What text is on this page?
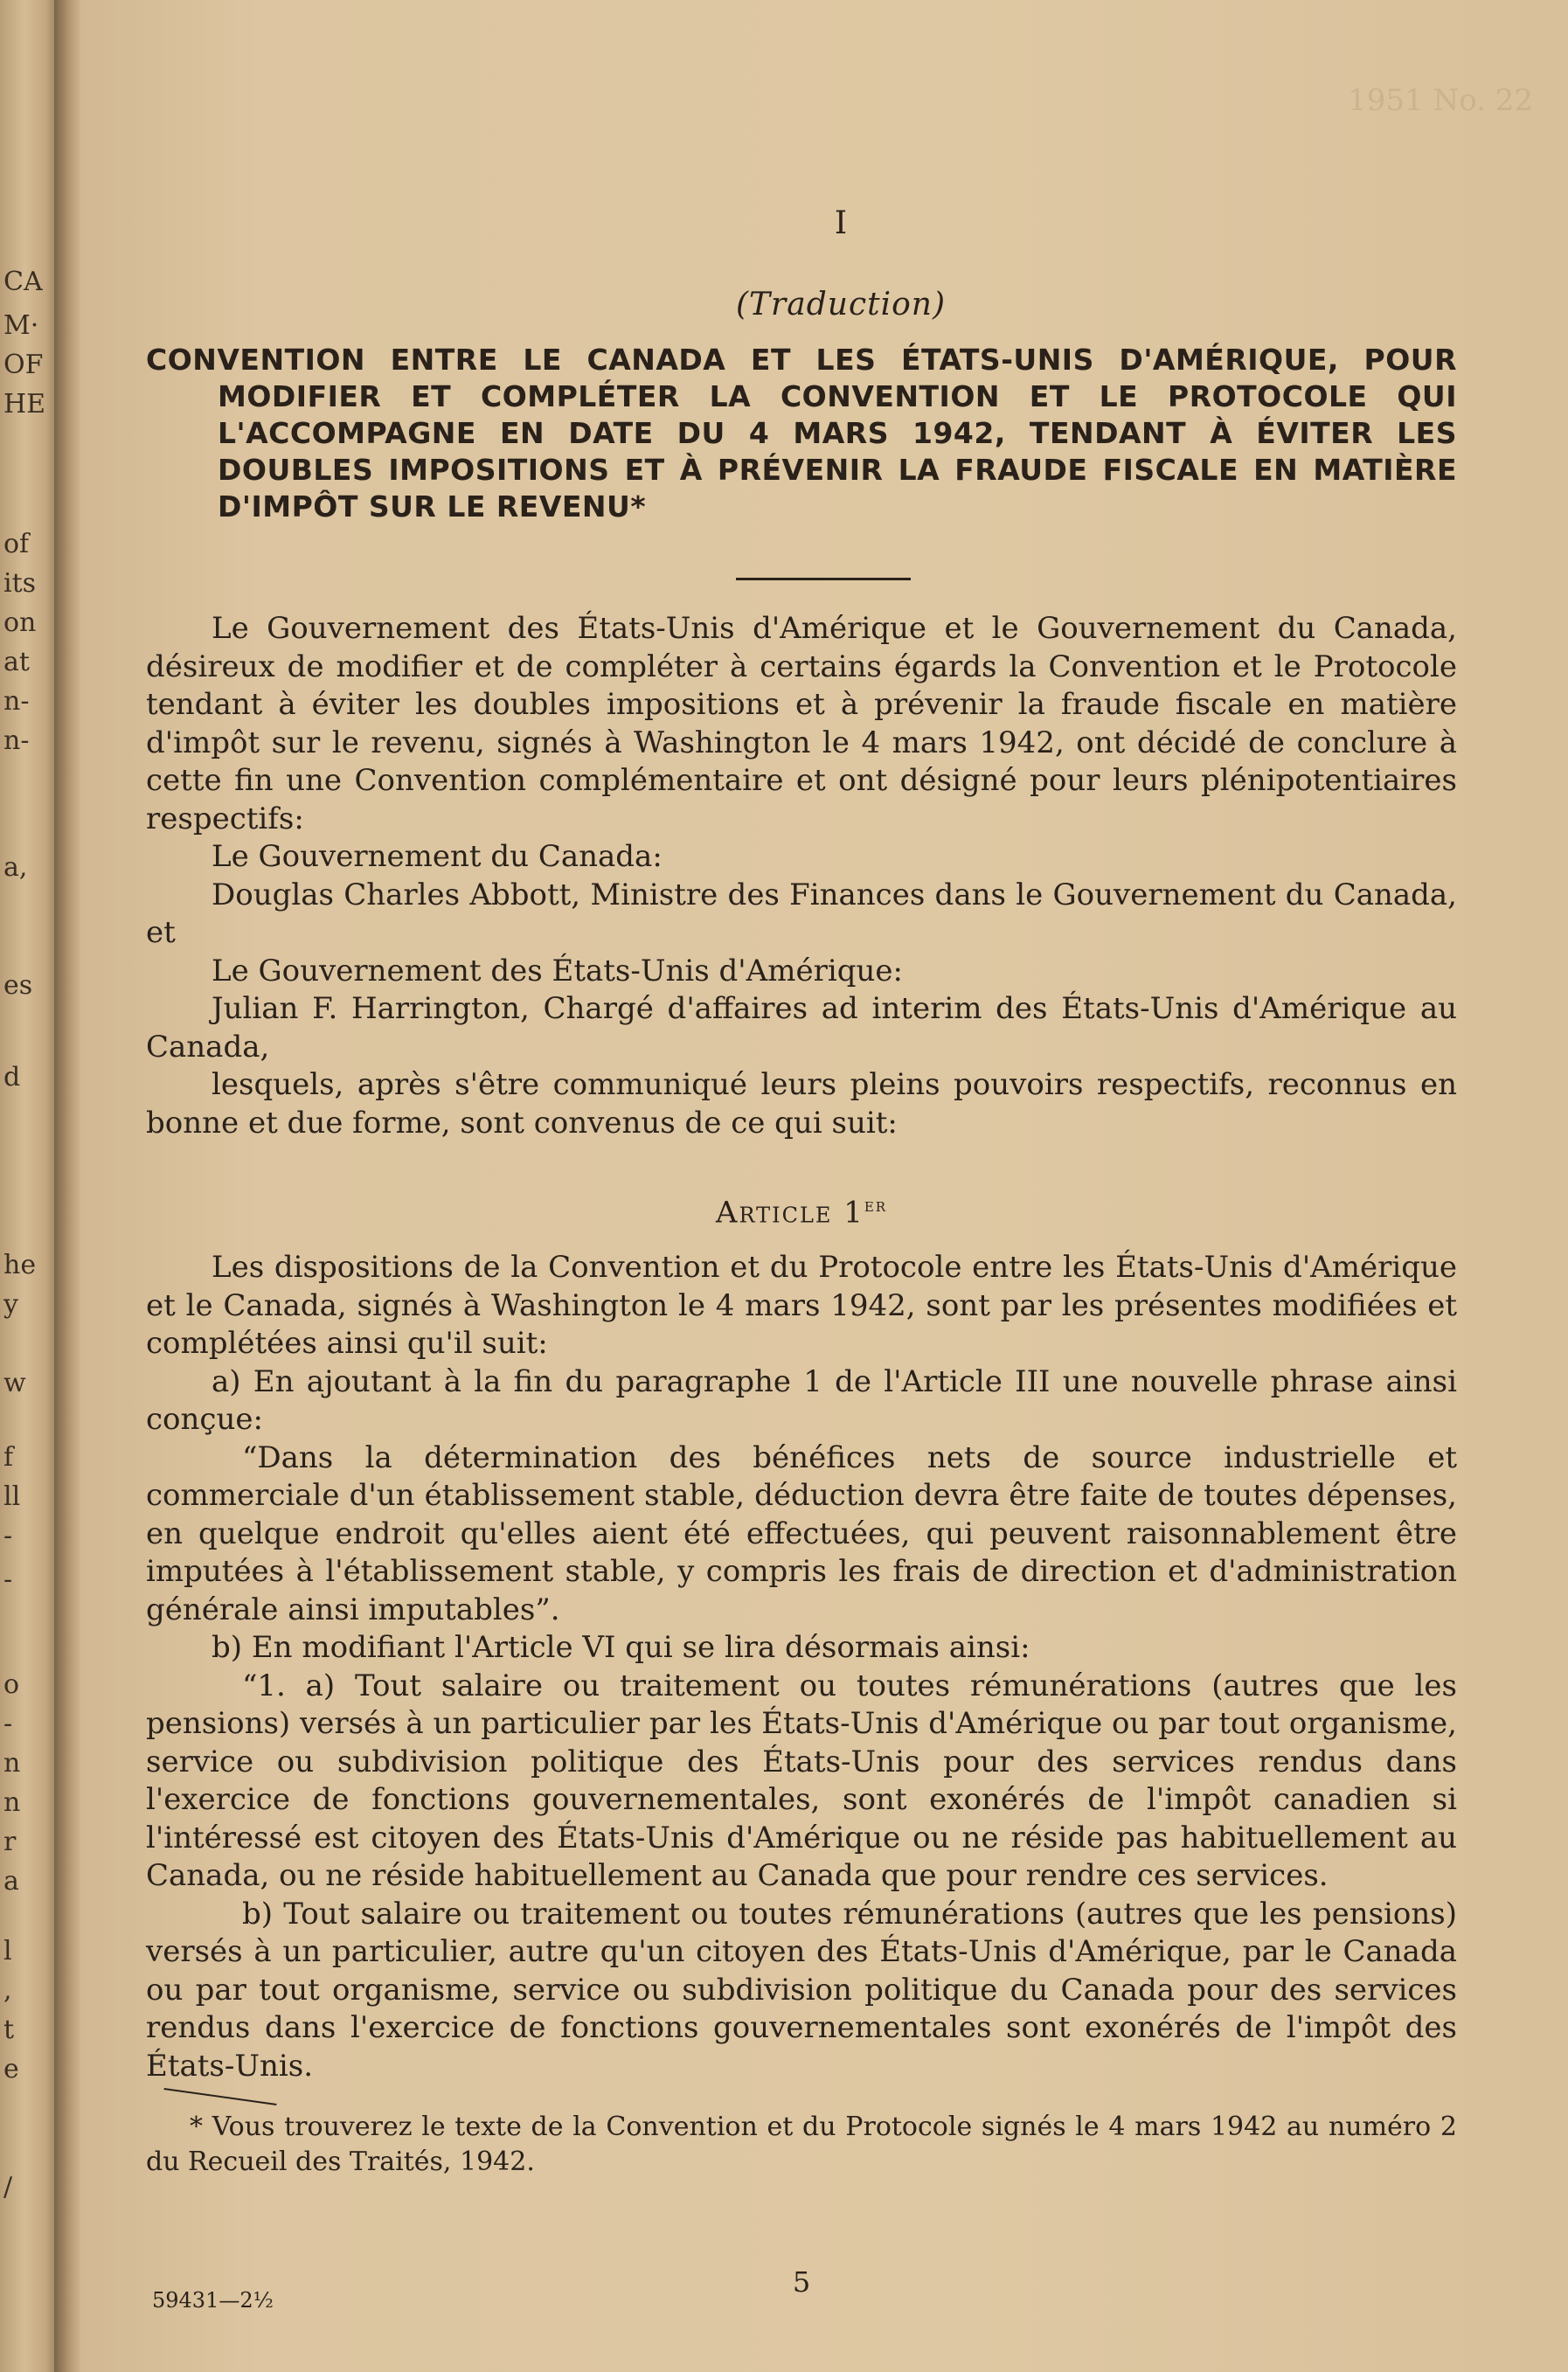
CA
M·
OF
HE
of
its
on
at
n-
n-
a,
es
d
he
y
w
f
ll
-
-
o
-
n
n
r
a
l
,
t
e
/
1951 No. 22
I
(Traduction)

CONVENTION ENTRE LE CANADA ET LES ÉTATS-UNIS D'AMÉRIQUE, POUR MODIFIER ET COMPLÉTER LA CONVENTION ET LE PROTOCOLE QUI L'ACCOMPAGNE EN DATE DU 4 MARS 1942, TENDANT À ÉVITER LES DOUBLES IMPOSITIONS ET À PRÉVENIR LA FRAUDE FISCALE EN MATIÈRE D'IMPÔT SUR LE REVENU*

Le Gouvernement des États-Unis d'Amérique et le Gouvernement du Canada, désireux de modifier et de compléter à certains égards la Convention et le Protocole tendant à éviter les doubles impositions et à prévenir la fraude fiscale en matière d'impôt sur le revenu, signés à Washington le 4 mars 1942, ont décidé de conclure à cette fin une Convention complémentaire et ont désigné pour leurs plénipotentiaires respectifs:

Le Gouvernement du Canada:

Douglas Charles Abbott, Ministre des Finances dans le Gouvernement du Canada, et

Le Gouvernement des États-Unis d'Amérique:

Julian F. Harrington, Chargé d'affaires ad interim des États-Unis d'Amérique au Canada,

lesquels, après s'être communiqué leurs pleins pouvoirs respectifs, reconnus en bonne et due forme, sont convenus de ce qui suit:

Article 1er

Les dispositions de la Convention et du Protocole entre les États-Unis d'Amérique et le Canada, signés à Washington le 4 mars 1942, sont par les présentes modifiées et complétées ainsi qu'il suit:

a) En ajoutant à la fin du paragraphe 1 de l'Article III une nouvelle phrase ainsi conçue:

“Dans la détermination des bénéfices nets de source industrielle et commerciale d'un établissement stable, déduction devra être faite de toutes dépenses, en quelque endroit qu'elles aient été effectuées, qui peuvent raisonnablement être imputées à l'établissement stable, y compris les frais de direction et d'administration générale ainsi imputables”.

b) En modifiant l'Article VI qui se lira désormais ainsi:

“1. a) Tout salaire ou traitement ou toutes rémunérations (autres que les pensions) versés à un particulier par les États-Unis d'Amérique ou par tout organisme, service ou subdivision politique des États-Unis pour des services rendus dans l'exercice de fonctions gouvernementales, sont exonérés de l'impôt canadien si l'intéressé est citoyen des États-Unis d'Amérique ou ne réside pas habituellement au Canada, ou ne réside habituellement au Canada que pour rendre ces services.

b) Tout salaire ou traitement ou toutes rémunérations (autres que les pensions) versés à un particulier, autre qu'un citoyen des États-Unis d'Amérique, par le Canada ou par tout organisme, service ou subdivision politique du Canada pour des services rendus dans l'exercice de fonctions gouvernementales sont exonérés de l'impôt des États-Unis.

* Vous trouverez le texte de la Convention et du Protocole signés le 4 mars 1942 au numéro 2 du Recueil des Traités, 1942.

5
59431—2½
